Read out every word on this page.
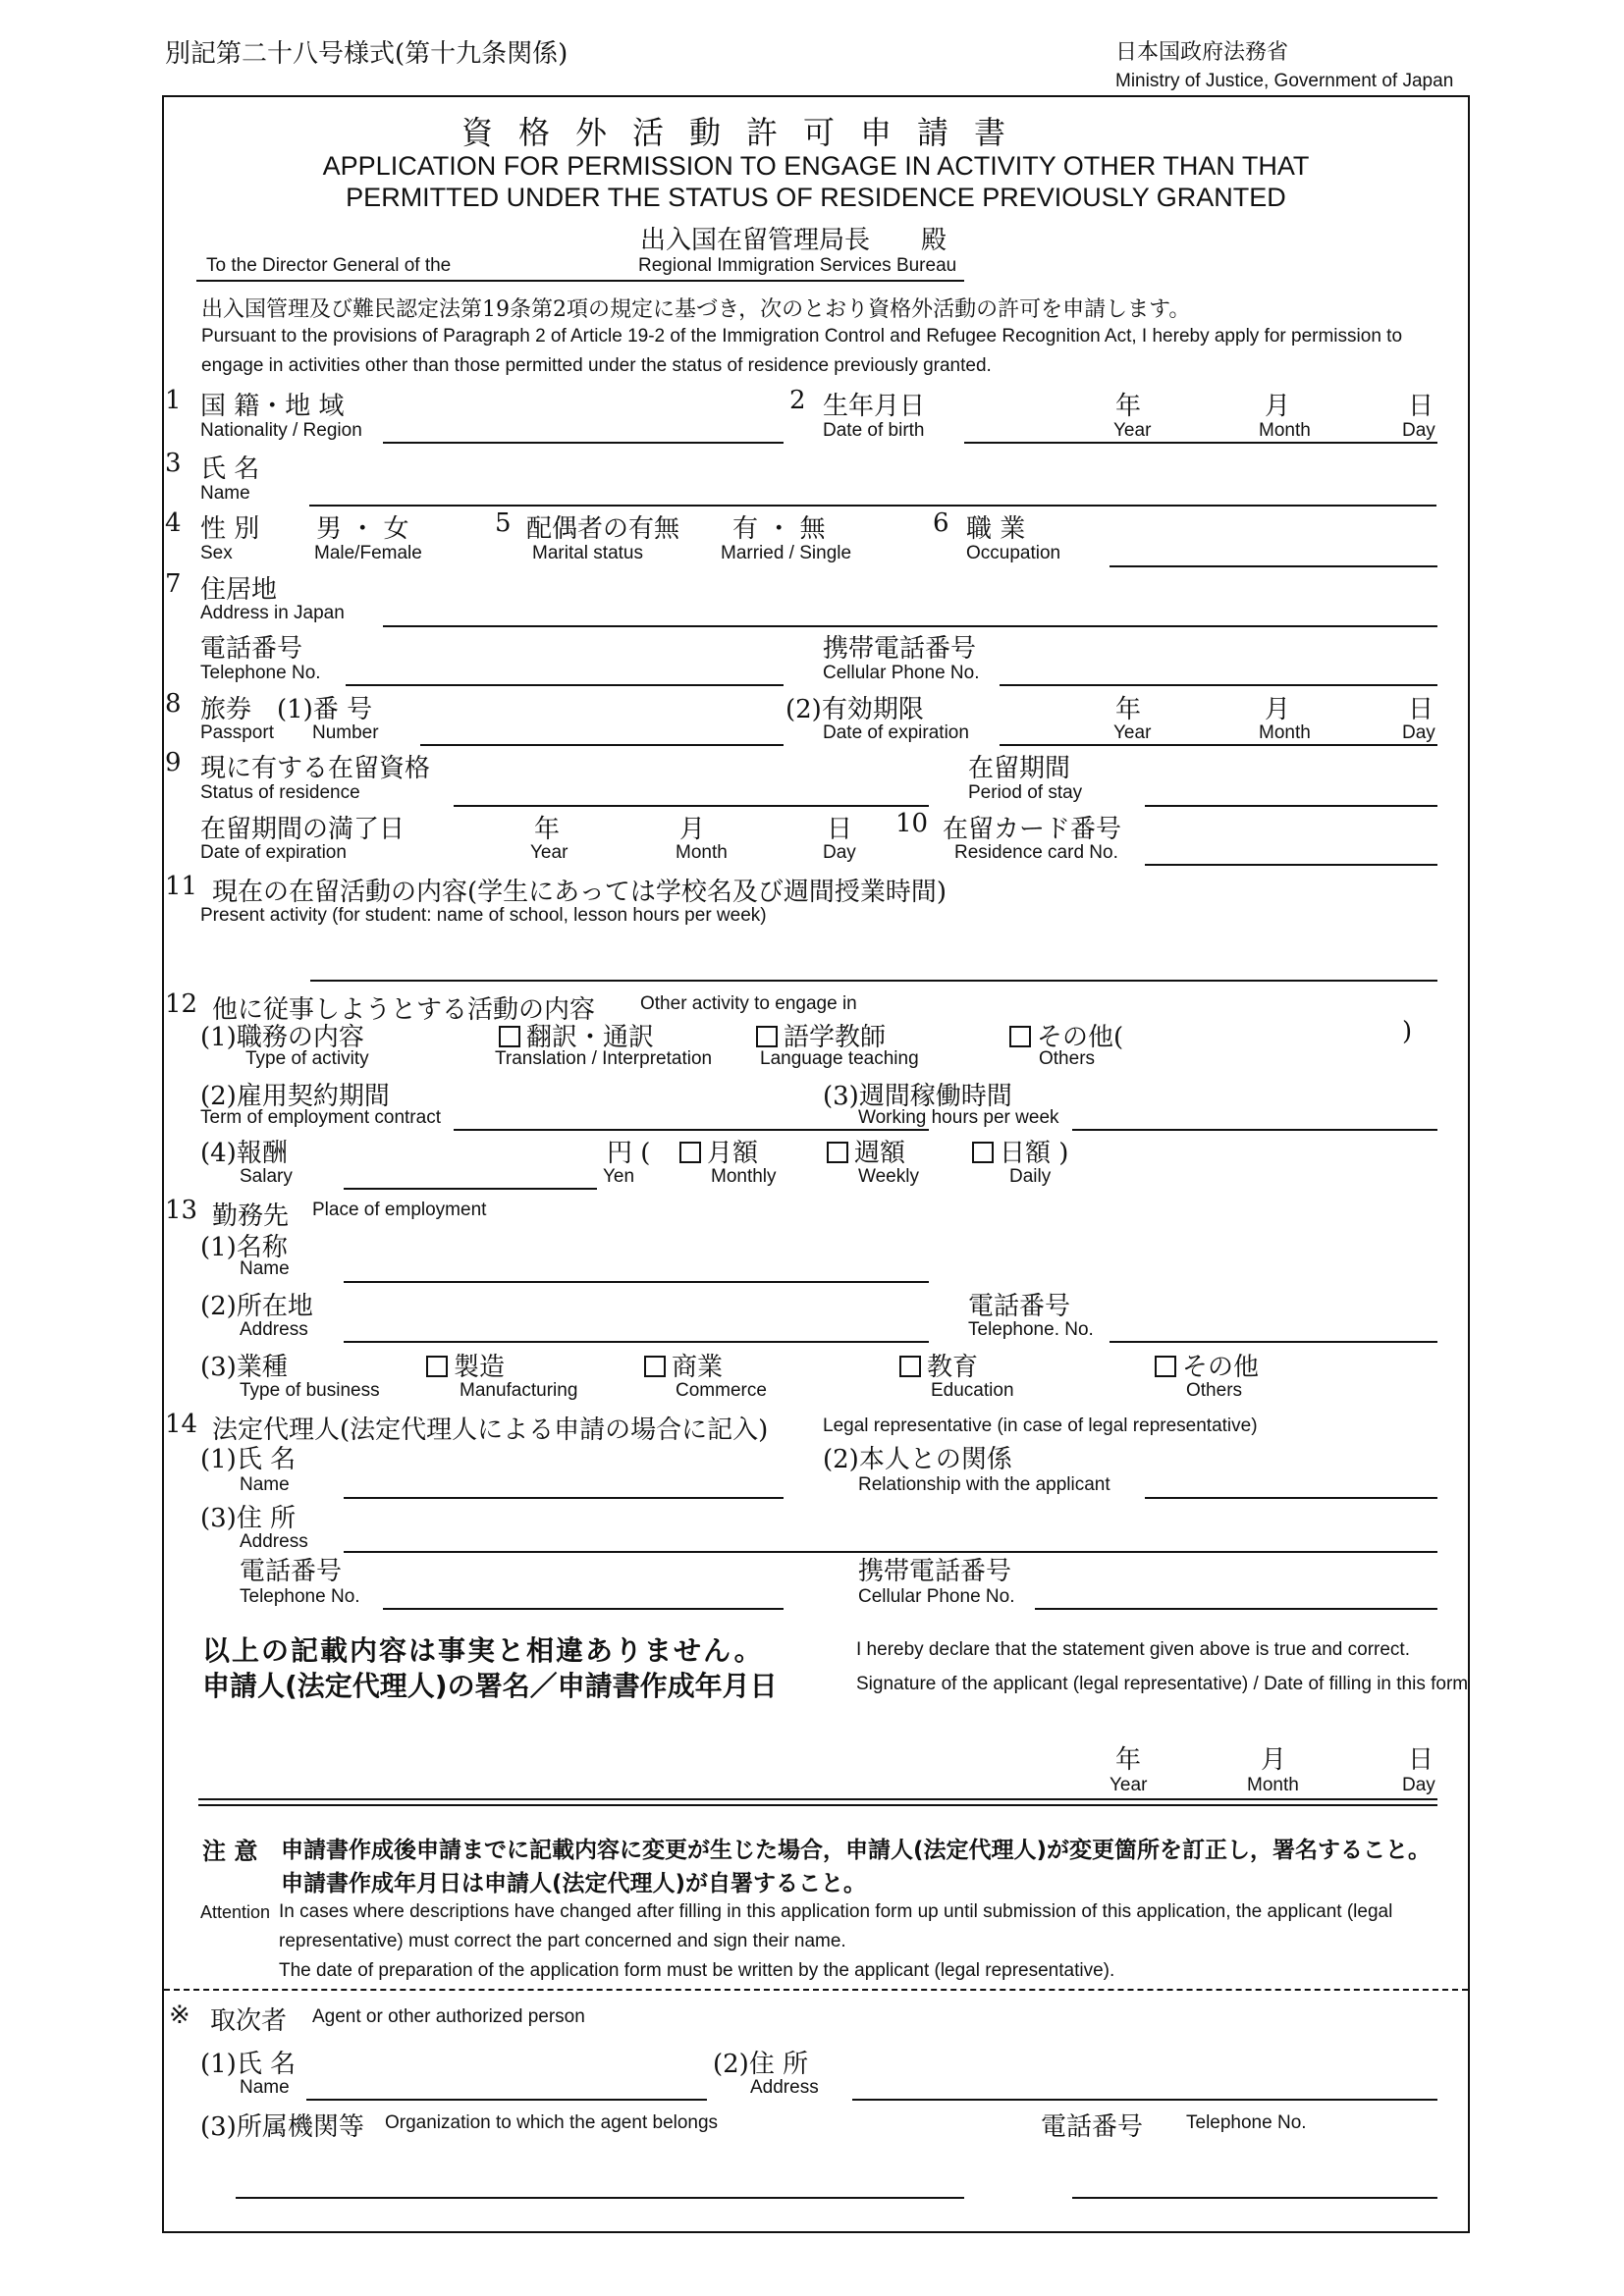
別記第二十八号様式(第十九条関係)	日本国政府法務省
Ministry of Justice, Government of Japan
資格外活動許可申請書
APPLICATION FOR PERMISSION TO ENGAGE IN ACTIVITY OTHER THAN THAT
PERMITTED UNDER THE STATUS OF RESIDENCE PREVIOUSLY GRANTED
出入国在留管理局長　　殿
To the Director General of the	Regional Immigration Services Bureau
出入国管理及び難民認定法第19条第2項の規定に基づき，次のとおり資格外活動の許可を申請します。
Pursuant to the provisions of Paragraph 2 of Article 19-2 of the Immigration Control and Refugee Recognition Act, I hereby apply for permission to
engage in activities other than those permitted under the status of residence previously granted.
1 国 籍・地 域
Nationality / Region
2 生年月日
Date of birth
年	月	日
Year	Month	Day
3 氏 名
Name
4 性 別
Sex
男 ・ 女
Male/Female
5 配偶者の有無
Marital status
有 ・ 無
Married / Single
6 職 業
Occupation
7 住居地
Address in Japan
電話番号
Telephone No.
携帯電話番号
Cellular Phone No.
8 旅券
Passport
(1)番 号
Number
(2)有効期限
Date of expiration
年	月	日
Year	Month	Day
9 現に有する在留資格
Status of residence
在留期間
Period of stay
在留期間の満了日
Date of expiration
年	月	日
Year	Month	Day
10 在留カード番号
Residence card No.
11 現在の在留活動の内容(学生にあっては学校名及び週間授業時間)
Present activity (for student: name of school, lesson hours per week)
12 他に従事しようとする活動の内容 Other activity to engage in
(1)職務の内容
Type of activity
翻訳・通訳
Translation / Interpretation
語学教師
Language teaching
その他(	)
Others
(2)雇用契約期間
Term of employment contract
(3)週間稼働時間
Working hours per week
(4)報酬
Salary
円 (
Yen
月額
Monthly
週額
Weekly
日額 )
Daily
13 勤務先 Place of employment
(1)名称
Name
(2)所在地
Address
電話番号
Telephone. No.
(3)業種
Type of business
製造
Manufacturing
商業
Commerce
教育
Education
その他
Others
14 法定代理人(法定代理人による申請の場合に記入)	Legal representative (in case of legal representative)
(1)氏 名
Name
(2)本人との関係
Relationship with the applicant
(3)住 所
Address
電話番号
Telephone No.
携帯電話番号
Cellular Phone No.
以上の記載内容は事実と相違ありません。	I hereby declare that the statement given above is true and correct.
申請人(法定代理人)の署名／申請書作成年月日	Signature of the applicant (legal representative) / Date of filling in this form
年	月	日
Year	Month	Day
注 意 申請書作成後申請までに記載内容に変更が生じた場合，申請人(法定代理人)が変更箇所を訂正し，署名すること。
申請書作成年月日は申請人(法定代理人)が自署すること。
Attention In cases where descriptions have changed after filling in this application form up until submission of this application, the applicant (legal
representative) must correct the part concerned and sign their name.
The date of preparation of the application form must be written by the applicant (legal representative).
※ 取次者 Agent or other authorized person
(1)氏 名
Name
(2)住 所
Address
(3)所属機関等 Organization to which the agent belongs	電話番号 Telephone No.
